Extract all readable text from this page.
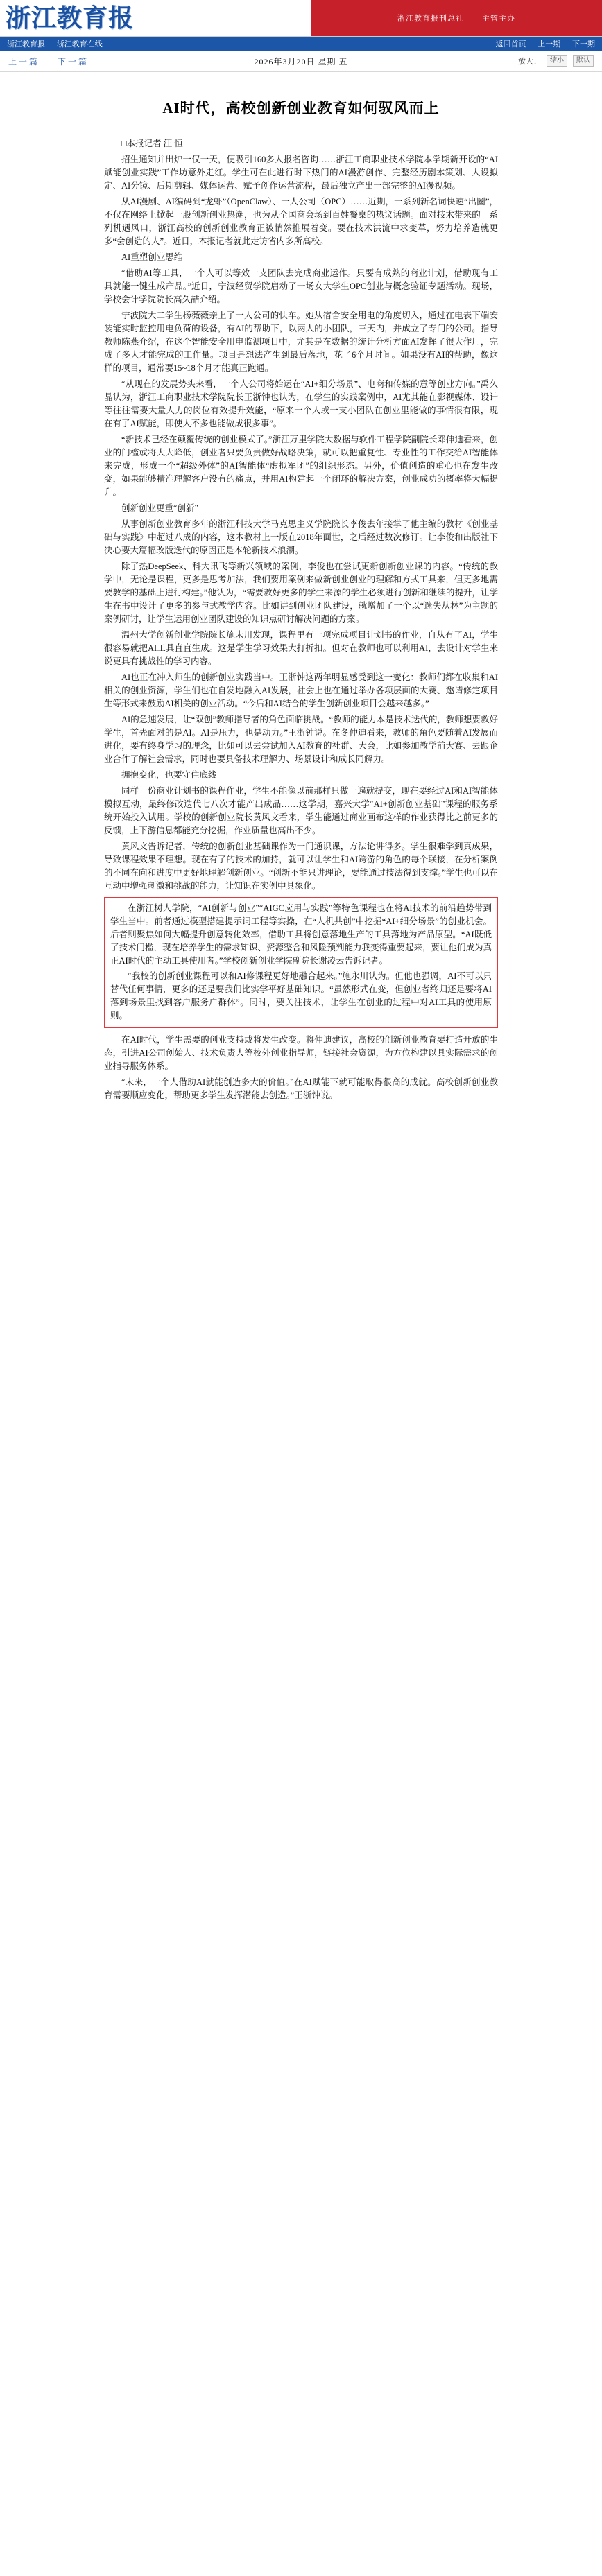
浙江教育报	浙江教育报刊总社 主管主办
浙江教育报 浙江教育在线	返回首页 上一期 下一期
上 一 篇 下 一 篇	2026年3月20日 星期 五	放大：	缩小	默认
AI时代，高校创新创业教育如何驭风而上

□本报记者 汪 恒

招生通知并出炉一仅一天，便吸引160多人报名咨询……浙江工商职业技术学院本学期新开设的“AI赋能创业实践”工作坊意外走红。学生可在此进行时下热门的AI漫游创作、完整经历剧本策划、人设拟定、AI分镜、后期剪辑、媒体运营、赋予创作运营流程，最后独立产出一部完整的AI漫视频。

从AI漫剧、AI编码到“龙虾”（OpenClaw）、一人公司（OPC）……近期，一系列新名词快速“出圈”，不仅在网络上掀起一股创新创业热潮，也为从全国商会场到百姓餐桌的热议话题。面对技术带来的一系列机遇风口，浙江高校的创新创业教育正被悄然推展着变。要在技术洪流中求变革，努力培养造就更多“会创造的人”。近日，本报记者就此走访省内多所高校。

AI重塑创业思维

“借助AI等工具，一个人可以等效一支团队去完成商业运作。只要有成熟的商业计划，借助现有工具就能一键生成产品。”近日，宁波经贸学院启动了一场女大学生OPC创业与概念验证专题活动。现场，学校会计学院院长高久喆介绍。

宁波院大二学生杨薇薇亲上了一人公司的快车。她从宿舍安全用电的角度切入，通过在电表下端安装能实时监控用电负荷的设备，有AI的帮助下，以两人的小团队，三天内，并成立了专门的公司。指导教师陈燕介绍，在这个智能安全用电监测项目中，尤其是在数据的统计分析方面AI发挥了很大作用，完成了多人才能完成的工作量。项目是想法产生到最后落地，花了6个月时间。如果没有AI的帮助，像这样的项目，通常要15~18个月才能真正跑通。

“从现在的发展势头来看，一个人公司将始运在“AI+细分场景”、电商和传媒的意等创业方向。”禹久晶认为，浙江工商职业技术学院院长王浙钟也认为，在学生的实践案例中，AI尤其能在影视媒体、设计等往往需要大量人力的岗位有效提升效能，“原来一个人或一支小团队在创业里能做的事情很有限，现在有了AI赋能，即使人不多也能做成很多事”。

“新技术已经在颠覆传统的创业模式了。”浙江万里学院大数据与软件工程学院副院长邓伸迪看来，创业的门槛或将大大降低，创业者只要负责做好战略决策，就可以把重复性、专业性的工作交给AI智能体来完成，形成一个“超级外体”的AI智能体“虚拟军团”的组织形态。另外，价值创造的重心也在发生改变，如果能够精准理解客户没有的痛点，并用AI构建起一个闭环的解决方案，创业成功的概率将大幅提升。

创新创业更重“创新”

从事创新创业教育多年的浙江科技大学马克思主义学院院长李俊去年接掌了他主编的教材《创业基础与实践》中超过八成的内容，这本教材上一版在2018年面世，之后经过数次修订。让李俊和出版社下决心要大篇幅改版迭代的原因正是本轮新技术浪潮。

除了热DeepSeek、科大讯飞等新兴领域的案例，李俊也在尝试更新创新创业课的内容。“传统的教学中，无论是课程，更多是思考加法，我们要用案例来做新创业创业的理解和方式工具来，但更多地需要教学的基础上进行构建。”他认为，“需要教好更多的学生来源的学生必须进行创新和继续的提升，让学生在书中设计了更多的参与式教学内容。比如讲到创业团队建设，就增加了一个以“迷失从林”为主题的案例研讨，让学生运用创业团队建设的知识点研讨解决问题的方案。

温州大学创新创业学院院长施未川发现，课程里有一项完成项目计划书的作业，自从有了AI，学生很容易就把AI工具直直生成。这是学生学习效果大打折扣。但对在教师也可以利用AI，去设计对学生来说更具有挑战性的学习内容。

AI也正在冲入师生的创新创业实践当中。王浙钟这两年明显感受到这一变化：教师们都在收集和AI相关的创业资源，学生们也在自发地融入AI发展，社会上也在通过举办各项层面的大赛、邀请修定项目生等形式来鼓励AI相关的创业活动。“今后和AI结合的学生创新创业项目会越来越多。”

AI的急速发展，让“双创”教师指导者的角色面临挑战。“教师的能力本是技术迭代的，教师想要教好学生，首先面对的是AI。AI是压力，也是动力。”王浙钟说。在冬仲迪看来，教师的角色要随着AI发展而进化，要有终身学习的理念，比如可以去尝试加入AI教育的社群、大会，比如参加教学前大赛、去跟企业合作了解社会需求，同时也要具备技术理解力、场景设计和成长同解力。

拥抱变化，也要守住底线

同样一份商业计划书的课程作业，学生不能像以前那样只做一遍就提交，现在要经过AI和AI智能体模拟互动，最终修改迭代七八次才能产出成品……这学期，嘉兴大学“AI+创新创业基础”课程的服务系统开始投入试用。学校的创新创业院长黄风文看来，学生能通过商业画布这样的作业获得比之前更多的反馈，上下游信息都能充分挖掘，作业质量也高出不少。

黄风文告诉记者，传统的创新创业基础课作为一门通识课，方法论讲得多。学生很难学到真成果，导致课程效果不理想。现在有了的技术的加持，就可以让学生和AI跨游的角色的每个联接，在分析案例的不同在向和进度中更好地理解创新创业。“创新不能只讲理论，要能通过技法得到支撑。”学生也可以在互动中增强刺激和挑战的能力，让知识在实例中具象化。

在浙江树人学院，“AI创新与创业”“AIGC应用与实践”等特色课程也在将AI技术的前沿趋势带到学生当中。前者通过模型搭建提示词工程等实操，在“人机共创”中挖掘“AI+细分场景”的创业机会。后者则聚焦如何大幅提升创意转化效率，借助工具将创意落地生产的工具落地为产品原型。“AI既低了技术门槛，现在培养学生的需求知识、资源整合和风险预判能力我变得重要起来，要让他们成为真正AI时代的主动工具使用者。”学校创新创业学院副院长谢凌云告诉记者。

“我校的创新创业课程可以和AI修课程更好地融合起来。”施永川认为。但他也强调，AI不可以只替代任何事情，更多的还是要我们比实学平好基础知识。“虽然形式在变，但创业者终归还是要将AI落到场景里找到客户服务户群体”。同时，要关注技术，让学生在创业的过程中对AI工具的使用原则。

在AI时代，学生需要的创业支持或将发生改变。将仲迪建议，高校的创新创业教育要打造开放的生态，引进AI公司创始人、技术负责人等校外创业指导师，链接社会资源，为方位构建以具实际需求的创业指导服务体系。

“未来，一个人借助AI就能创造多大的价值。”在AI赋能下就可能取得很高的成就。高校创新创业教育需要顺应变化，帮助更多学生发挥潜能去创造。”王浙钟说。
